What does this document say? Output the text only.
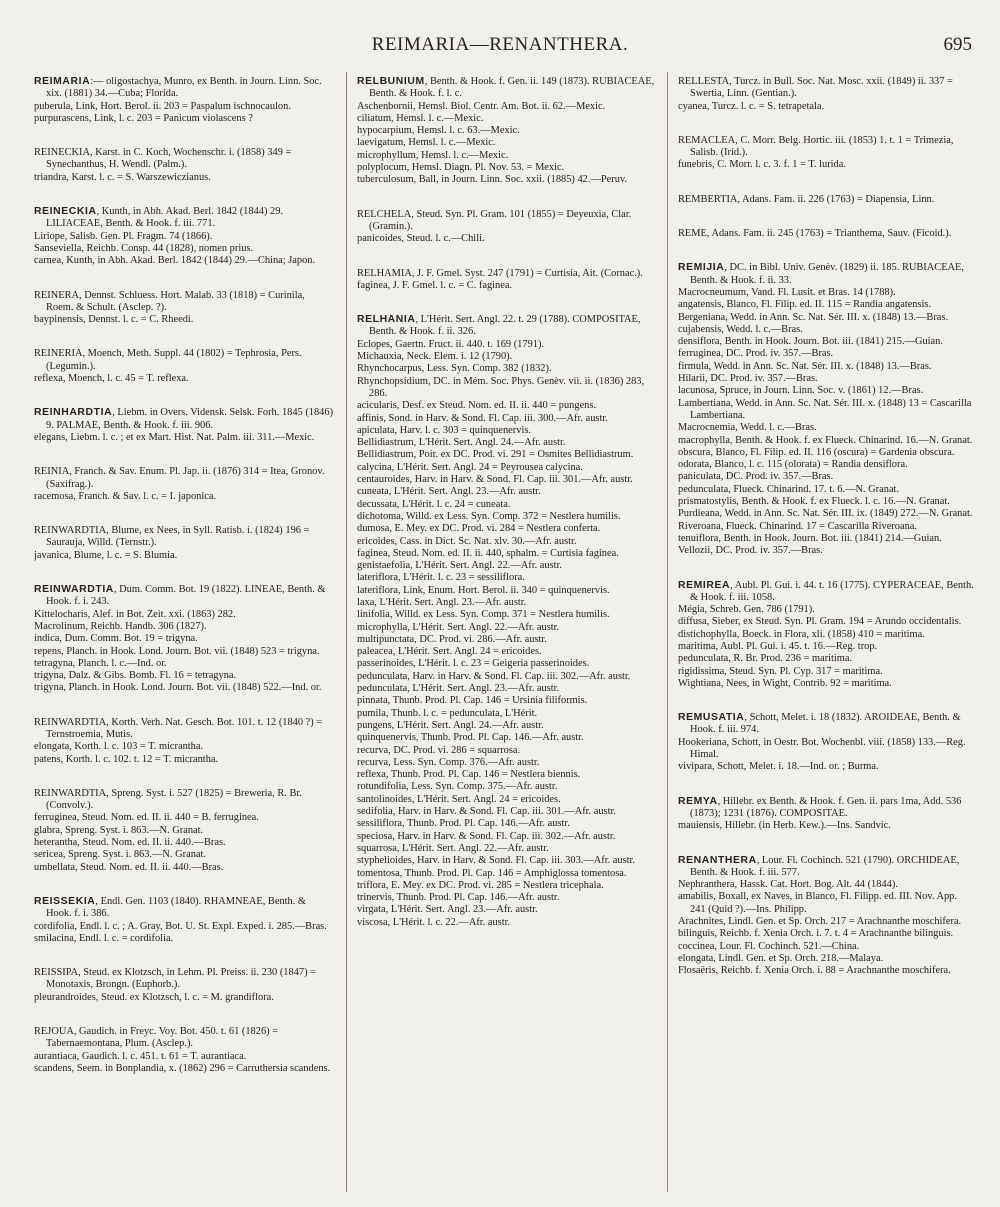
REIMARIA—RENANTHERA.	695

REIMARIA:— oligostachya, Munro, ex Benth. in Journ. Linn. Soc. xix. (1881) 34.—Cuba; Florida.

puberula, Link, Hort. Berol. ii. 203 = Paspalum ischnocaulon.

purpurascens, Link, l. c. 203 = Panicum violascens ?

REINECKIA, Karst. in C. Koch, Wochenschr. i. (1858) 349 = Synechanthus, H. Wendl. (Palm.).

triandra, Karst. l. c. = S. Warszewiczianus.

REINECKIA, Kunth, in Abh. Akad. Berl. 1842 (1844) 29. LILIACEAE, Benth. & Hook. f. iii. 771.

Liriope, Salisb. Gen. Pl. Fragm. 74 (1866).

Sanseviella, Reichb. Consp. 44 (1828), nomen prius.

carnea, Kunth, in Abh. Akad. Berl. 1842 (1844) 29.—China; Japon.

REINERA, Dennst. Schluess. Hort. Malab. 33 (1818) = Curinila, Roem. & Schult. (Asclep. ?).

baypinensis, Dennst. l. c. = C. Rheedi.

REINERIA, Moench, Meth. Suppl. 44 (1802) = Tephrosia, Pers. (Legumin.).

reflexa, Moench, l. c. 45 = T. reflexa.

REINHARDTIA, Liebm. in Overs. Vidensk. Selsk. Forh. 1845 (1846) 9. PALMAE, Benth. & Hook. f. iii. 906.

elegans, Liebm. l. c. ; et ex Mart. Hist. Nat. Palm. iii. 311.—Mexic.

REINIA, Franch. & Sav. Enum. Pl. Jap. ii. (1876) 314 = Itea, Gronov. (Saxifrag.).

racemosa, Franch. & Sav. l. c. = I. japonica.

REINWARDTIA, Blume, ex Nees, in Syll. Ratisb. i. (1824) 196 = Saurauja, Willd. (Ternstr.).

javanica, Blume, l. c. = S. Blumia.

REINWARDTIA, Dum. Comm. Bot. 19 (1822). LINEAE, Benth. & Hook. f. i. 243.

Kittelocharis, Alef. in Bot. Zeit. xxi. (1863) 282.

Macrolinum, Reichb. Handb. 306 (1827).

indica, Dum. Comm. Bot. 19 = trigyna.

repens, Planch. in Hook. Lond. Journ. Bot. vii. (1848) 523 = trigyna.

tetragyna, Planch. l. c.—Ind. or.

trigyna, Dalz. & Gibs. Bomb. Fl. 16 = tetragyna.

trigyna, Planch. in Hook. Lond. Journ. Bot. vii. (1848) 522.—Ind. or.

REINWARDTIA, Korth. Verh. Nat. Gesch. Bot. 101. t. 12 (1840 ?) = Ternstroemia, Mutis.

elongata, Korth. l. c. 103 = T. micrantha.

patens, Korth. l. c. 102. t. 12 = T. micrantha.

REINWARDTIA, Spreng. Syst. i. 527 (1825) = Breweria, R. Br. (Convolv.).

ferruginea, Steud. Nom. ed. II. ii. 440 = B. ferruginea.

glabra, Spreng. Syst. i. 863.—N. Granat.

heterantha, Steud. Nom. ed. II. ii. 440.—Bras.

sericea, Spreng. Syst. i. 863.—N. Granat.

umbellata, Steud. Nom. ed. II. ii. 440.—Bras.

REISSEKIA, Endl. Gen. 1103 (1840). RHAMNEAE, Benth. & Hook. f. i. 386.

cordifolia, Endl. l. c. ; A. Gray, Bot. U. St. Expl. Exped. i. 285.—Bras.

smilacina, Endl. l. c. = cordifolia.

REISSIPA, Steud. ex Klotzsch, in Lehm. Pl. Preiss. ii. 230 (1847) = Monotaxis, Brongn. (Euphorb.).

pleurandroides, Steud. ex Klotzsch, l. c. = M. grandiflora.

REJOUA, Gaudich. in Freyc. Voy. Bot. 450. t. 61 (1826) = Tabernaemontana, Plum. (Asclep.).

aurantiaca, Gaudich. l. c. 451. t. 61 = T. aurantiaca.

scandens, Seem. in Bonplandia, x. (1862) 296 = Carruthersia scandens.

RELBUNIUM, Benth. & Hook. f. Gen. ii. 149 (1873). RUBIACEAE, Benth. & Hook. f. l. c.

Aschenbornii, Hemsl. Biol. Centr. Am. Bot. ii. 62.—Mexic.

ciliatum, Hemsl. l. c.—Mexic.

hypocarpium, Hemsl. l. c. 63.—Mexic.

laevigatum, Hemsl. l. c.—Mexic.

microphyllum, Hemsl. l. c.—Mexic.

polyplocum, Hemsl. Diagn. Pl. Nov. 53. = Mexic.

tuberculosum, Ball, in Journ. Linn. Soc. xxii. (1885) 42.—Peruv.

RELCHELA, Steud. Syn. Pl. Gram. 101 (1855) = Deyeuxia, Clar. (Gramin.).

panicoides, Steud. l. c.—Chili.

RELHAMIA, J. F. Gmel. Syst. 247 (1791) = Curtisia, Ait. (Cornac.).

faginea, J. F. Gmel. l. c. = C. faginea.

RELHANIA, L'Hérit. Sert. Angl. 22. t. 29 (1788). COMPOSITAE, Benth. & Hook. f. ii. 326.

Eclopes, Gaertn. Fruct. ii. 440. t. 169 (1791).

Michauxia, Neck. Elem. i. 12 (1790).

Rhynchocarpus, Less. Syn. Comp. 382 (1832).

Rhynchopsidium, DC. in Mém. Soc. Phys. Genèv. vii. ii. (1836) 283, 286.

acicularis, Desf. ex Steud. Nom. ed. II. ii. 440 = pungens.

affinis, Sond. in Harv. & Sond. Fl. Cap. iii. 300.—Afr. austr.

apiculata, Harv. l. c. 303 = quinquenervis.

Bellidiastrum, L'Hérit. Sert. Angl. 24.—Afr. austr.

Bellidiastrum, Poir. ex DC. Prod. vi. 291 = Osmites Bellidiastrum.

calycina, L'Hérit. Sert. Angl. 24 = Peyrousea calycina.

centauroides, Harv. in Harv. & Sond. Fl. Cap. iii. 301.—Afr. austr.

cuneata, L'Hérit. Sert. Angl. 23.—Afr. austr.

decussata, L'Hérit. l. c. 24 = cuneata.

dichotoma, Willd. ex Less. Syn. Comp. 372 = Nestlera humilis.

dumosa, E. Mey. ex DC. Prod. vi. 284 = Nestlera conferta.

ericoides, Cass. in Dict. Sc. Nat. xlv. 30.—Afr. austr.

faginea, Steud. Nom. ed. II. ii. 440, sphalm. = Curtisia faginea.

genistaefolia, L'Hérit. Sert. Angl. 22.—Afr. austr.

lateriflora, L'Hérit. l. c. 23 = sessiliflora.

lateriflora, Link, Enum. Hort. Berol. ii. 340 = quinquenervis.

laxa, L'Hérit. Sert. Angl. 23.—Afr. austr.

linifolia, Willd. ex Less. Syn. Comp. 371 = Nestlera humilis.

microphylla, L'Hérit. Sert. Angl. 22.—Afr. austr.

multipunctata, DC. Prod. vi. 286.—Afr. austr.

paleacea, L'Hérit. Sert. Angl. 24 = ericoides.

passerinoides, L'Hérit. l. c. 23 = Geigeria passerinoides.

pedunculata, Harv. in Harv. & Sond. Fl. Cap. iii. 302.—Afr. austr.

pedunculata, L'Hérit. Sert. Angl. 23.—Afr. austr.

pinnata, Thunb. Prod. Pl. Cap. 146 = Ursinia filiformis.

pumila, Thunb. l. c. = pedunculata, L'Hérit.

pungens, L'Hérit. Sert. Angl. 24.—Afr. austr.

quinquenervis, Thunb. Prod. Pl. Cap. 146.—Afr. austr.

recurva, DC. Prod. vi. 286 = squarrosa.

recurva, Less. Syn. Comp. 376.—Afr. austr.

reflexa, Thunb. Prod. Pl. Cap. 146 = Nestlera biennis.

rotundifolia, Less. Syn. Comp. 375.—Afr. austr.

santolinoides, L'Hérit. Sert. Angl. 24 = ericoides.

sedifolia, Harv. in Harv. & Sond. Fl. Cap. iii. 301.—Afr. austr.

sessiliflora, Thunb. Prod. Pl. Cap. 146.—Afr. austr.

speciosa, Harv. in Harv. & Sond. Fl. Cap. iii. 302.—Afr. austr.

squarrosa, L'Hérit. Sert. Angl. 22.—Afr. austr.

styphelioides, Harv. in Harv. & Sond. Fl. Cap. iii. 303.—Afr. austr.

tomentosa, Thunb. Prod. Pl. Cap. 146 = Amphiglossa tomentosa.

triflora, E. Mey. ex DC. Prod. vi. 285 = Nestlera tricephala.

trinervis, Thunb. Prod. Pl. Cap. 146.—Afr. austr.

virgata, L'Hérit. Sert. Angl. 23.—Afr. austr.

viscosa, L'Hérit. l. c. 22.—Afr. austr.

RELLESTA, Turcz. in Bull. Soc. Nat. Mosc. xxii. (1849) ii. 337 = Swertia, Linn. (Gentian.).

cyanea, Turcz. l. c. = S. tetrapetala.

REMACLEA, C. Morr. Belg. Hortic. iii. (1853) 1. t. 1 = Trimezia, Salisb. (Irid.).

funebris, C. Morr. l. c. 3. f. 1 = T. lurida.

REMBERTIA, Adans. Fam. ii. 226 (1763) = Diapensia, Linn.

REME, Adans. Fam. ii. 245 (1763) = Trianthema, Sauv. (Ficoid.).

REMIJIA, DC. in Bibl. Univ. Genèv. (1829) ii. 185. RUBIACEAE, Benth. & Hook. f. ii. 33.

Macrocneumum, Vand. Fl. Lusit. et Bras. 14 (1788).

angatensis, Blanco, Fl. Filip. ed. II. 115 = Randia angatensis.

Bergeniana, Wedd. in Ann. Sc. Nat. Sér. III. x. (1848) 13.—Bras.

cujabensis, Wedd. l. c.—Bras.

densiflora, Benth. in Hook. Journ. Bot. iii. (1841) 215.—Guian.

ferruginea, DC. Prod. iv. 357.—Bras.

firmula, Wedd. in Ann. Sc. Nat. Sér. III. x. (1848) 13.—Bras.

Hilarii, DC. Prod. iv. 357.—Bras.

lacunosa, Spruce, in Journ. Linn. Soc. v. (1861) 12.—Bras.

Lambertiana, Wedd. in Ann. Sc. Nat. Sér. III. x. (1848) 13 = Cascarilla Lambertiana.

Macrocnemia, Wedd. l. c.—Bras.

macrophylla, Benth. & Hook. f. ex Flueck. Chinarind. 16.—N. Granat.

obscura, Blanco, Fl. Filip. ed. II. 116 (oscura) = Gardenia obscura.

odorata, Blanco, l. c. 115 (olorata) = Randia densiflora.

paniculata, DC. Prod. iv. 357.—Bras.

pedunculata, Flueck. Chinarind. 17. t. 6.—N. Granat.

prismatostylis, Benth. & Hook. f. ex Flueck. l. c. 16.—N. Granat.

Purdieana, Wedd. in Ann. Sc. Nat. Sér. III. ix. (1849) 272.—N. Granat.

Riveroana, Flueck. Chinarind. 17 = Cascarilla Riveroana.

tenuiflora, Benth. in Hook. Journ. Bot. iii. (1841) 214.—Guian.

Vellozii, DC. Prod. iv. 357.—Bras.

REMIREA, Aubl. Pl. Gui. i. 44. t. 16 (1775). CYPERACEAE, Benth. & Hook. f. iii. 1058.

Mégia, Schreb. Gen. 786 (1791).

diffusa, Sieber, ex Steud. Syn. Pl. Gram. 194 = Arundo occidentalis.

distichophylla, Boeck. in Flora, xli. (1858) 410 = maritima.

maritima, Aubl. Pl. Gui. i. 45. t. 16.—Reg. trop.

pedunculata, R. Br. Prod. 236 = maritima.

rigidissima, Steud. Syn. Pl. Cyp. 317 = maritima.

Wightiana, Nees, in Wight, Contrib. 92 = maritima.

REMUSATIA, Schott, Melet. i. 18 (1832). AROIDEAE, Benth. & Hook. f. iii. 974.

Hookeriana, Schott, in Oestr. Bot. Wochenbl. viii. (1858) 133.—Reg. Himal.

vivipara, Schott, Melet. i. 18.—Ind. or. ; Burma.

REMYA, Hillebr. ex Benth. & Hook. f. Gen. ii. pars 1ma, Add. 536 (1873); 1231 (1876). COMPOSITAE.

mauiensis, Hillebr. (in Herb. Kew.).—Ins. Sandvic.

RENANTHERA, Lour. Fl. Cochinch. 521 (1790). ORCHIDEAE, Benth. & Hook. f. iii. 577.

Nephranthera, Hassk. Cat. Hort. Bog. Alt. 44 (1844).

amabilis, Boxall, ex Naves, in Blanco, Fl. Filipp. ed. III. Nov. App. 241 (Quid ?).—Ins. Philipp.

Arachnites, Lindl. Gen. et Sp. Orch. 217 = Arachnanthe moschifera.

bilinguis, Reichb. f. Xenia Orch. i. 7. t. 4 = Arachnanthe bilinguis.

coccinea, Lour. Fl. Cochinch. 521.—China.

elongata, Lindl. Gen. et Sp. Orch. 218.—Malaya.

Flosaëris, Reichb. f. Xenia Orch. i. 88 = Arachnanthe moschifera.
